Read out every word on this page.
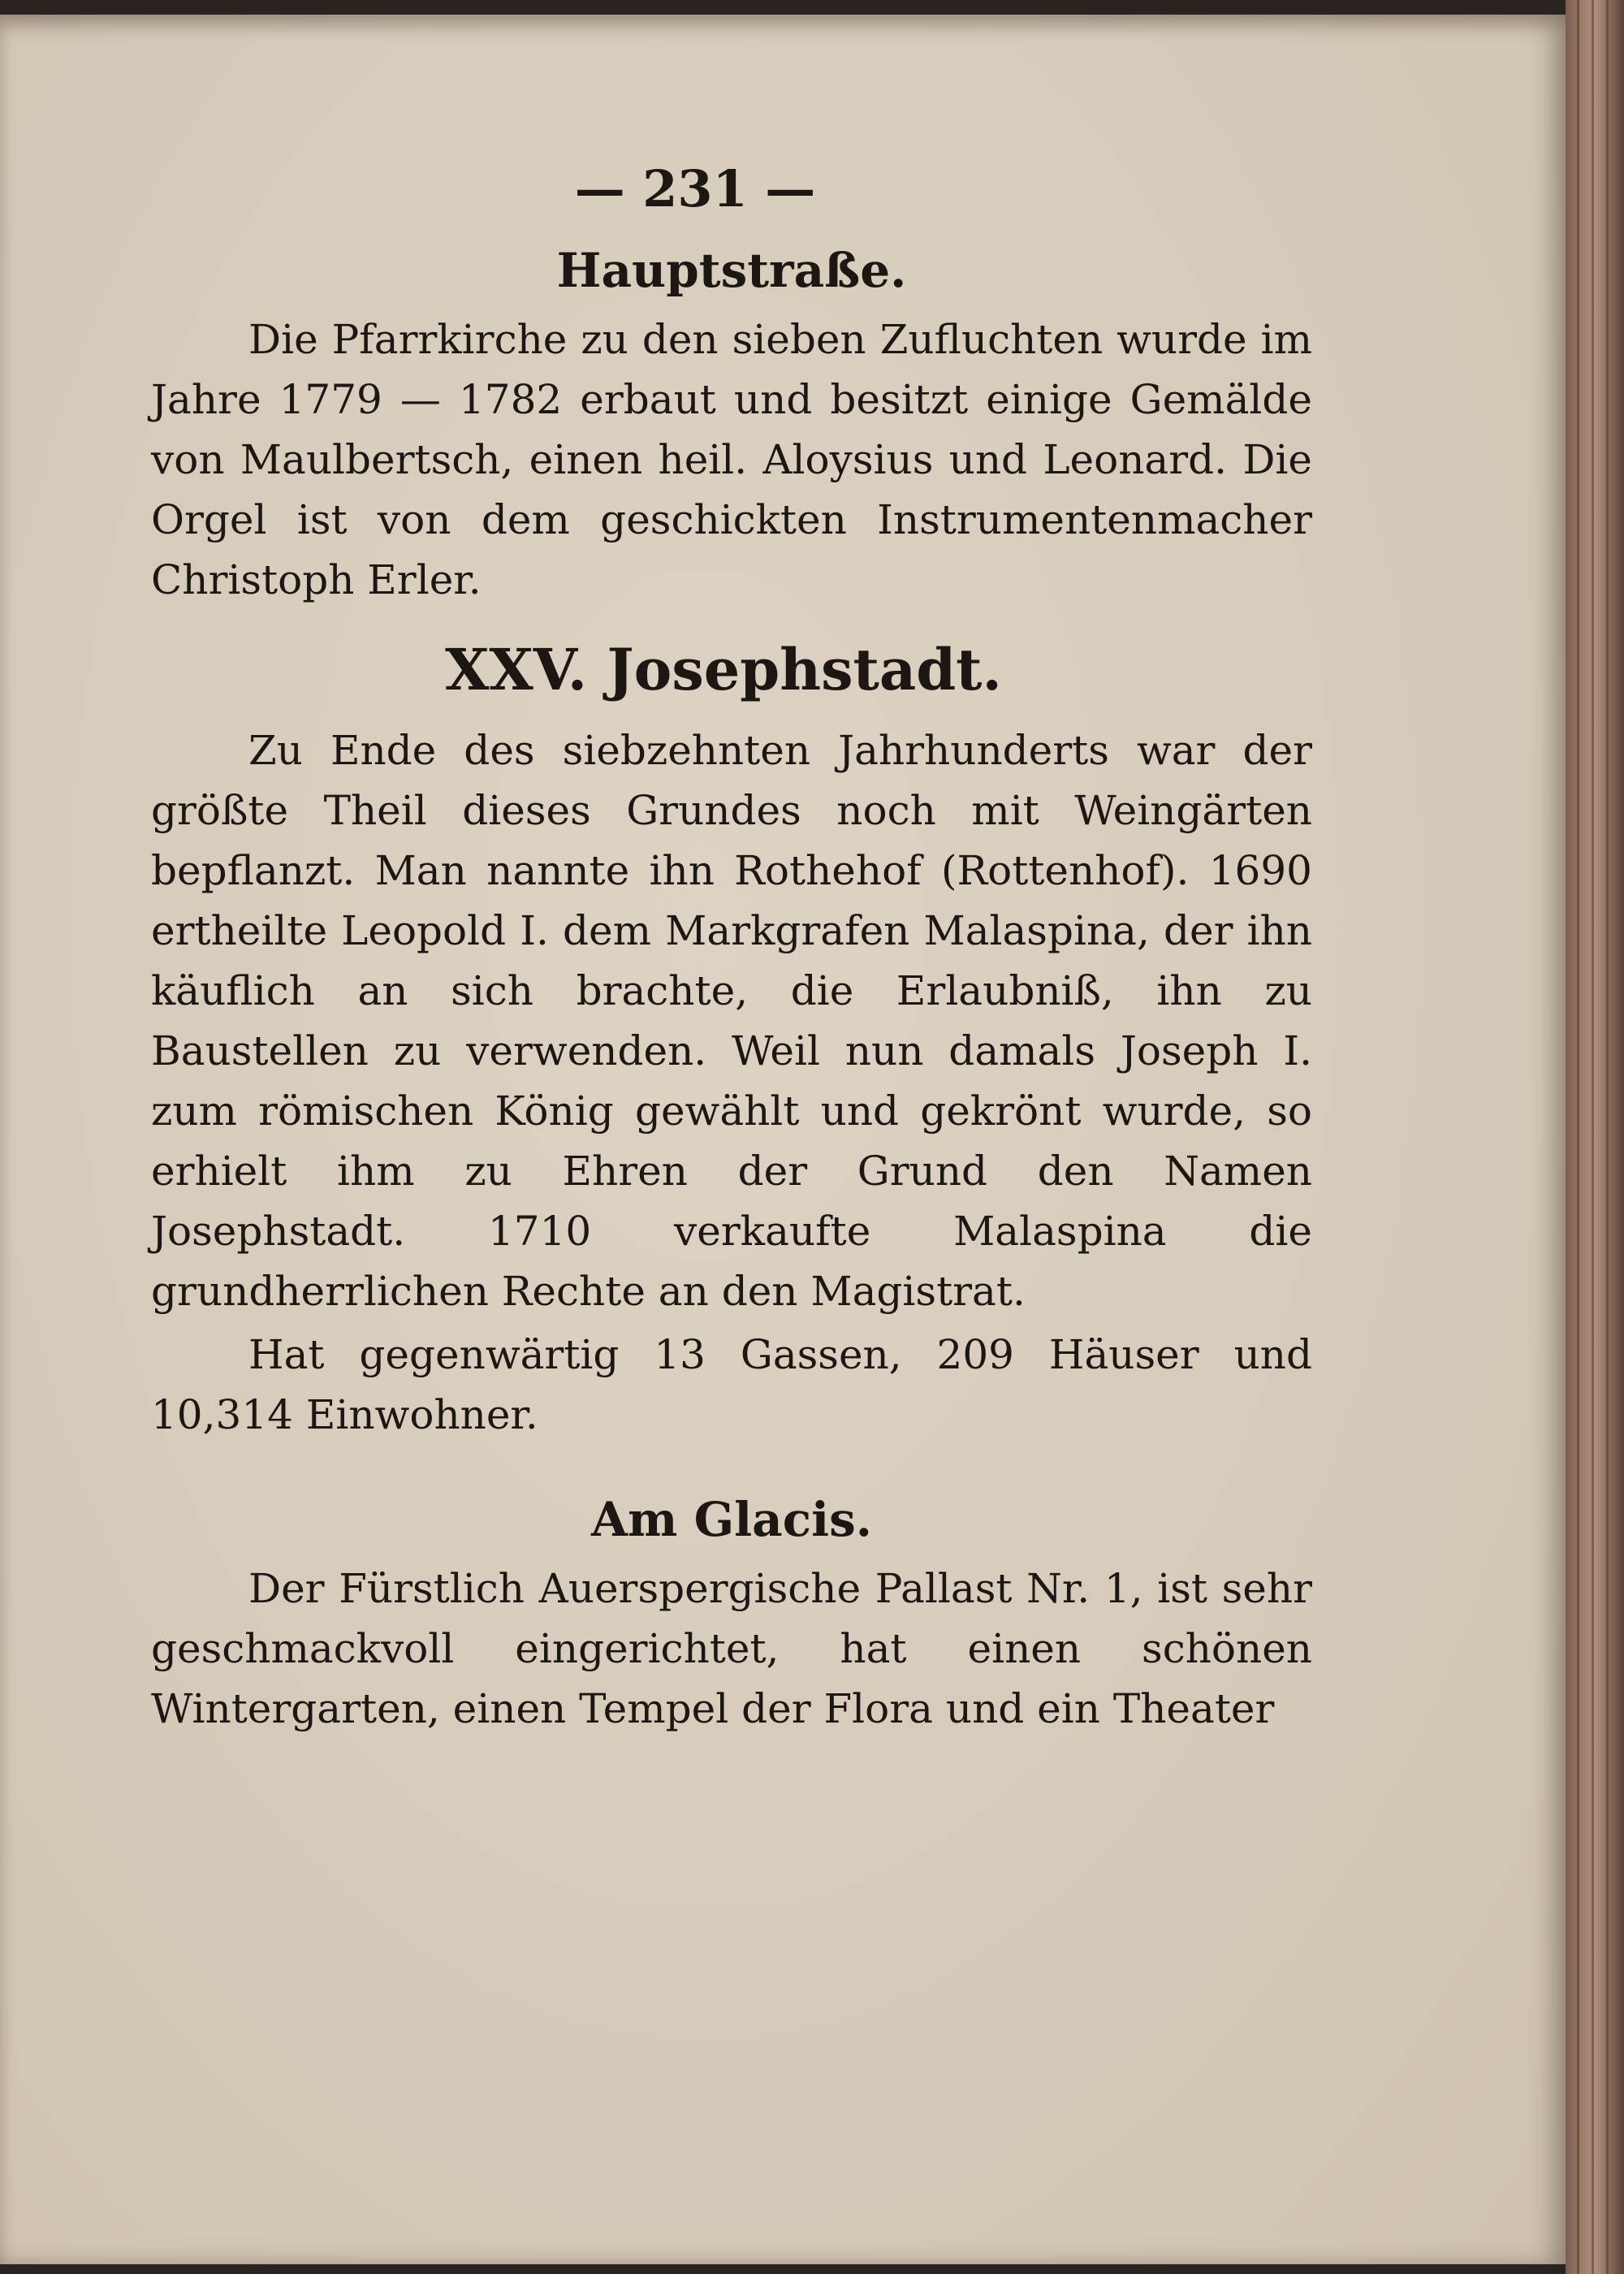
— 231 —
Hauptstraße.

Die Pfarrkirche zu den sieben Zufluchten wurde im Jahre 1779 — 1782 erbaut und besitzt einige Gemälde von Maulbertsch, einen heil. Aloysius und Leonard. Die Orgel ist von dem geschickten Instrumentenmacher Christoph Erler.

XXV. Josephstadt.

Zu Ende des siebzehnten Jahrhunderts war der größte Theil dieses Grundes noch mit Weingärten bepflanzt. Man nannte ihn Rothehof (Rottenhof). 1690 ertheilte Leopold I. dem Markgrafen Malaspina, der ihn käuflich an sich brachte, die Erlaubniß, ihn zu Baustellen zu verwenden. Weil nun damals Joseph I. zum römischen König gewählt und gekrönt wurde, so erhielt ihm zu Ehren der Grund den Namen Josephstadt. 1710 verkaufte Malaspina die grundherrlichen Rechte an den Magistrat.

Hat gegenwärtig 13 Gassen, 209 Häuser und 10,314 Einwohner.

Am Glacis.

Der Fürstlich Auerspergische Pallast Nr. 1, ist sehr geschmackvoll eingerichtet, hat einen schönen Wintergarten, einen Tempel der Flora und ein Theater
